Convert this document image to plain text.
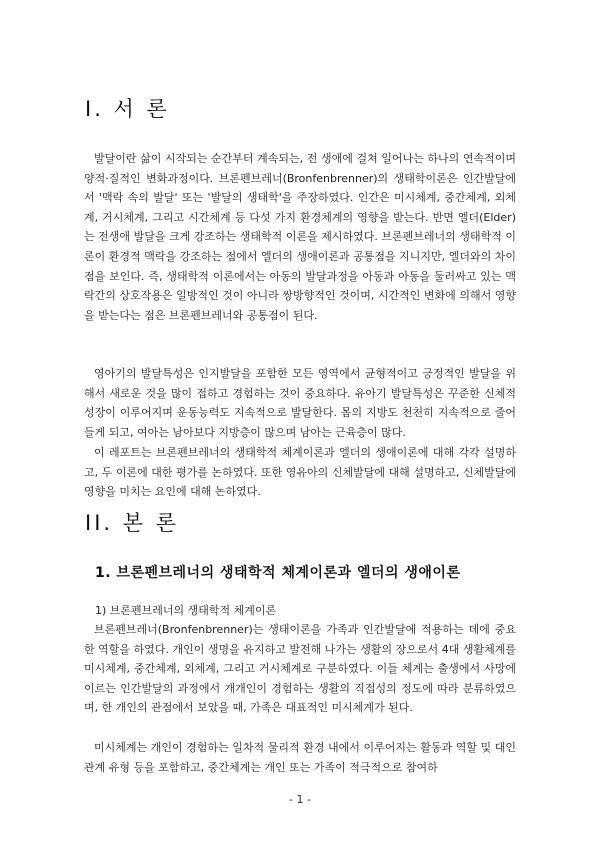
I. 서 론

발달이란 삶이 시작되는 순간부터 계속되는, 전 생애에 걸쳐 일어나는 하나의 연속적이며 양적·질적인 변화과정이다. 브론펜브레너(Bronfenbrenner)의 생태학이론은 인간발달에서 '맥락 속의 발달' 또는 '발달의 생태학'을 주장하였다. 인간은 미시체계, 중간체계, 외체계, 거시체계, 그리고 시간체계 등 다섯 가지 환경체계의 영향을 받는다. 반면 엘더(Elder)는 전생애 발달을 크게 강조하는 생태학적 이론을 제시하였다. 브론펜브레너의 생태학적 이론이 환경적 맥락을 강조하는 점에서 엘더의 생애이론과 공통점을 지니지만, 엘더와의 차이점을 보인다. 즉, 생태학적 이론에서는 아동의 발달과정을 아동과 아동을 둘러싸고 있는 맥락간의 상호작용은 일방적인 것이 아니라 쌍방향적인 것이며, 시간적인 변화에 의해서 영향을 받는다는 점은 브론펜브레너와 공통점이 된다.

영아기의 발달특성은 인지발달을 포함한 모든 영역에서 균형적이고 긍정적인 발달을 위해서 새로운 것을 많이 접하고 경험하는 것이 중요하다. 유아기 발달특성은 꾸준한 신체적 성장이 이루어지며 운동능력도 지속적으로 발달한다. 몸의 지방도 천천히 지속적으로 줄어들게 되고, 여아는 남아보다 지방층이 많으며 남아는 근육층이 많다.

이 레포트는 브론펜브레너의 생태학적 체계이론과 엘더의 생애이론에 대해 각각 설명하고, 두 이론에 대한 평가를 논하였다. 또한 영유아의 신체발달에 대해 설명하고, 신체발달에 영향을 미치는 요인에 대해 논하였다.

II. 본 론
1. 브론펜브레너의 생태학적 체계이론과 엘더의 생애이론
1) 브론펜브레너의 생태학적 체계이론

브론펜브레너(Bronfenbrenner)는 생태이론을 가족과 인간발달에 적용하는 데에 중요한 역할을 하였다. 개인이 생명을 유지하고 발전해 나가는 생활의 장으로서 4대 생활체계를 미시체계, 중간체계, 외체계, 그리고 거시체계로 구분하였다. 이들 체계는 출생에서 사망에 이르는 인간발달의 과정에서 개개인이 경험하는 생활의 직접성의 정도에 따라 분류하였으며, 한 개인의 관점에서 보았을 때, 가족은 대표적인 미시체계가 된다.

미시체계는 개인이 경험하는 일차적 물리적 환경 내에서 이루어지는 활동과 역할 및 대인관계 유형 등을 포함하고, 중간체계는 개인 또는 가족이 적극적으로 참여하

- 1 -
